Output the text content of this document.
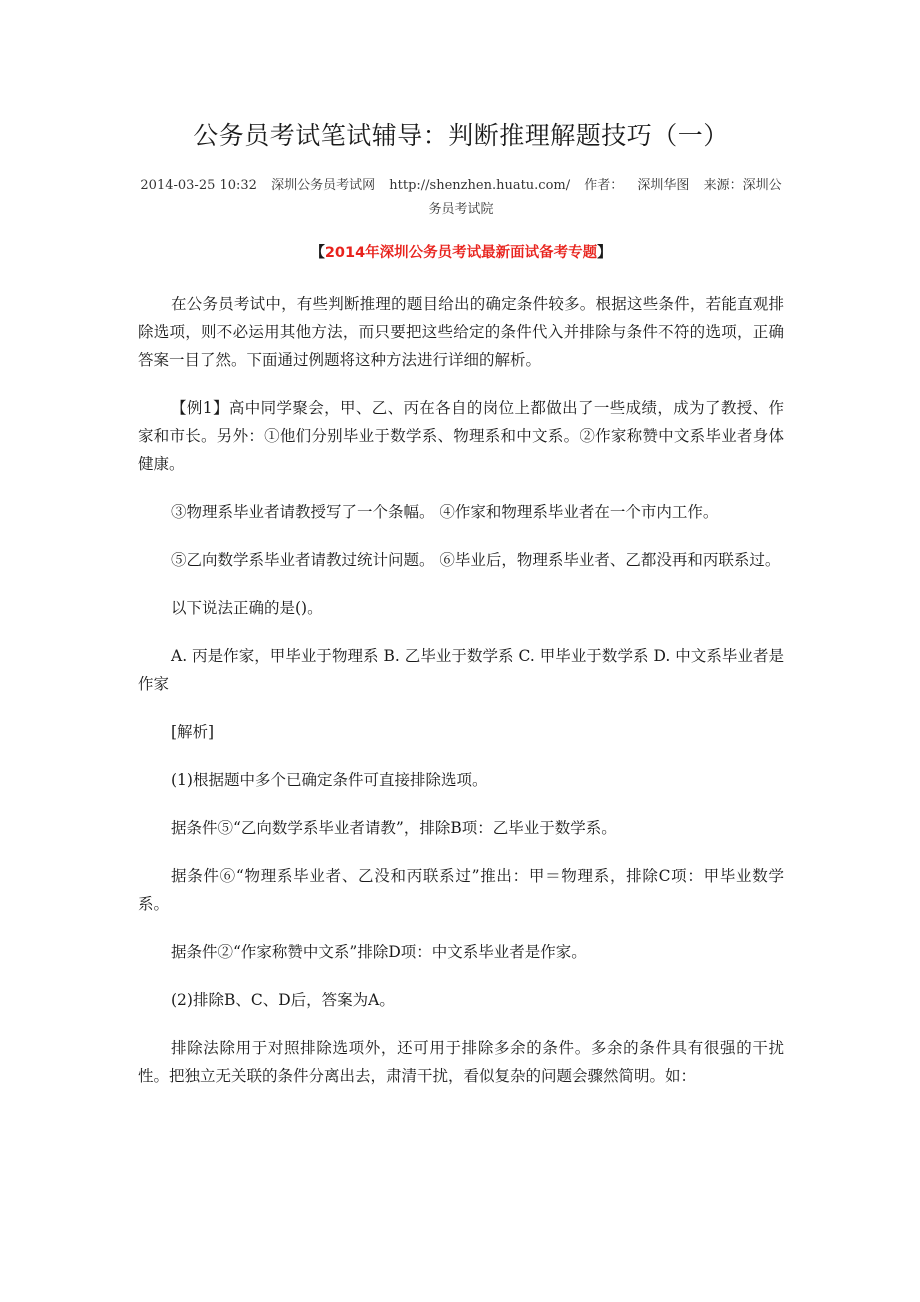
公务员考试笔试辅导：判断推理解题技巧（一）
2014-03-25 10:32 深圳公务员考试网 http://shenzhen.huatu.com/ 作者： 深圳华图 来源：深圳公务员考试院
【2014年深圳公务员考试最新面试备考专题】

在公务员考试中，有些判断推理的题目给出的确定条件较多。根据这些条件，若能直观排除选项，则不必运用其他方法，而只要把这些给定的条件代入并排除与条件不符的选项，正确答案一目了然。下面通过例题将这种方法进行详细的解析。

【例1】高中同学聚会，甲、乙、丙在各自的岗位上都做出了一些成绩，成为了教授、作家和市长。另外：①他们分别毕业于数学系、物理系和中文系。②作家称赞中文系毕业者身体健康。

③物理系毕业者请教授写了一个条幅。 ④作家和物理系毕业者在一个市内工作。

⑤乙向数学系毕业者请教过统计问题。 ⑥毕业后，物理系毕业者、乙都没再和丙联系过。

以下说法正确的是()。

A. 丙是作家，甲毕业于物理系 B. 乙毕业于数学系 C. 甲毕业于数学系 D. 中文系毕业者是作家

[解析]

(1)根据题中多个已确定条件可直接排除选项。

据条件⑤“乙向数学系毕业者请教”，排除B项：乙毕业于数学系。

据条件⑥“物理系毕业者、乙没和丙联系过”推出：甲＝物理系，排除C项：甲毕业数学系。

据条件②“作家称赞中文系”排除D项：中文系毕业者是作家。

(2)排除B、C、D后，答案为A。

排除法除用于对照排除选项外，还可用于排除多余的条件。多余的条件具有很强的干扰性。把独立无关联的条件分离出去，肃清干扰，看似复杂的问题会骤然简明。如：
